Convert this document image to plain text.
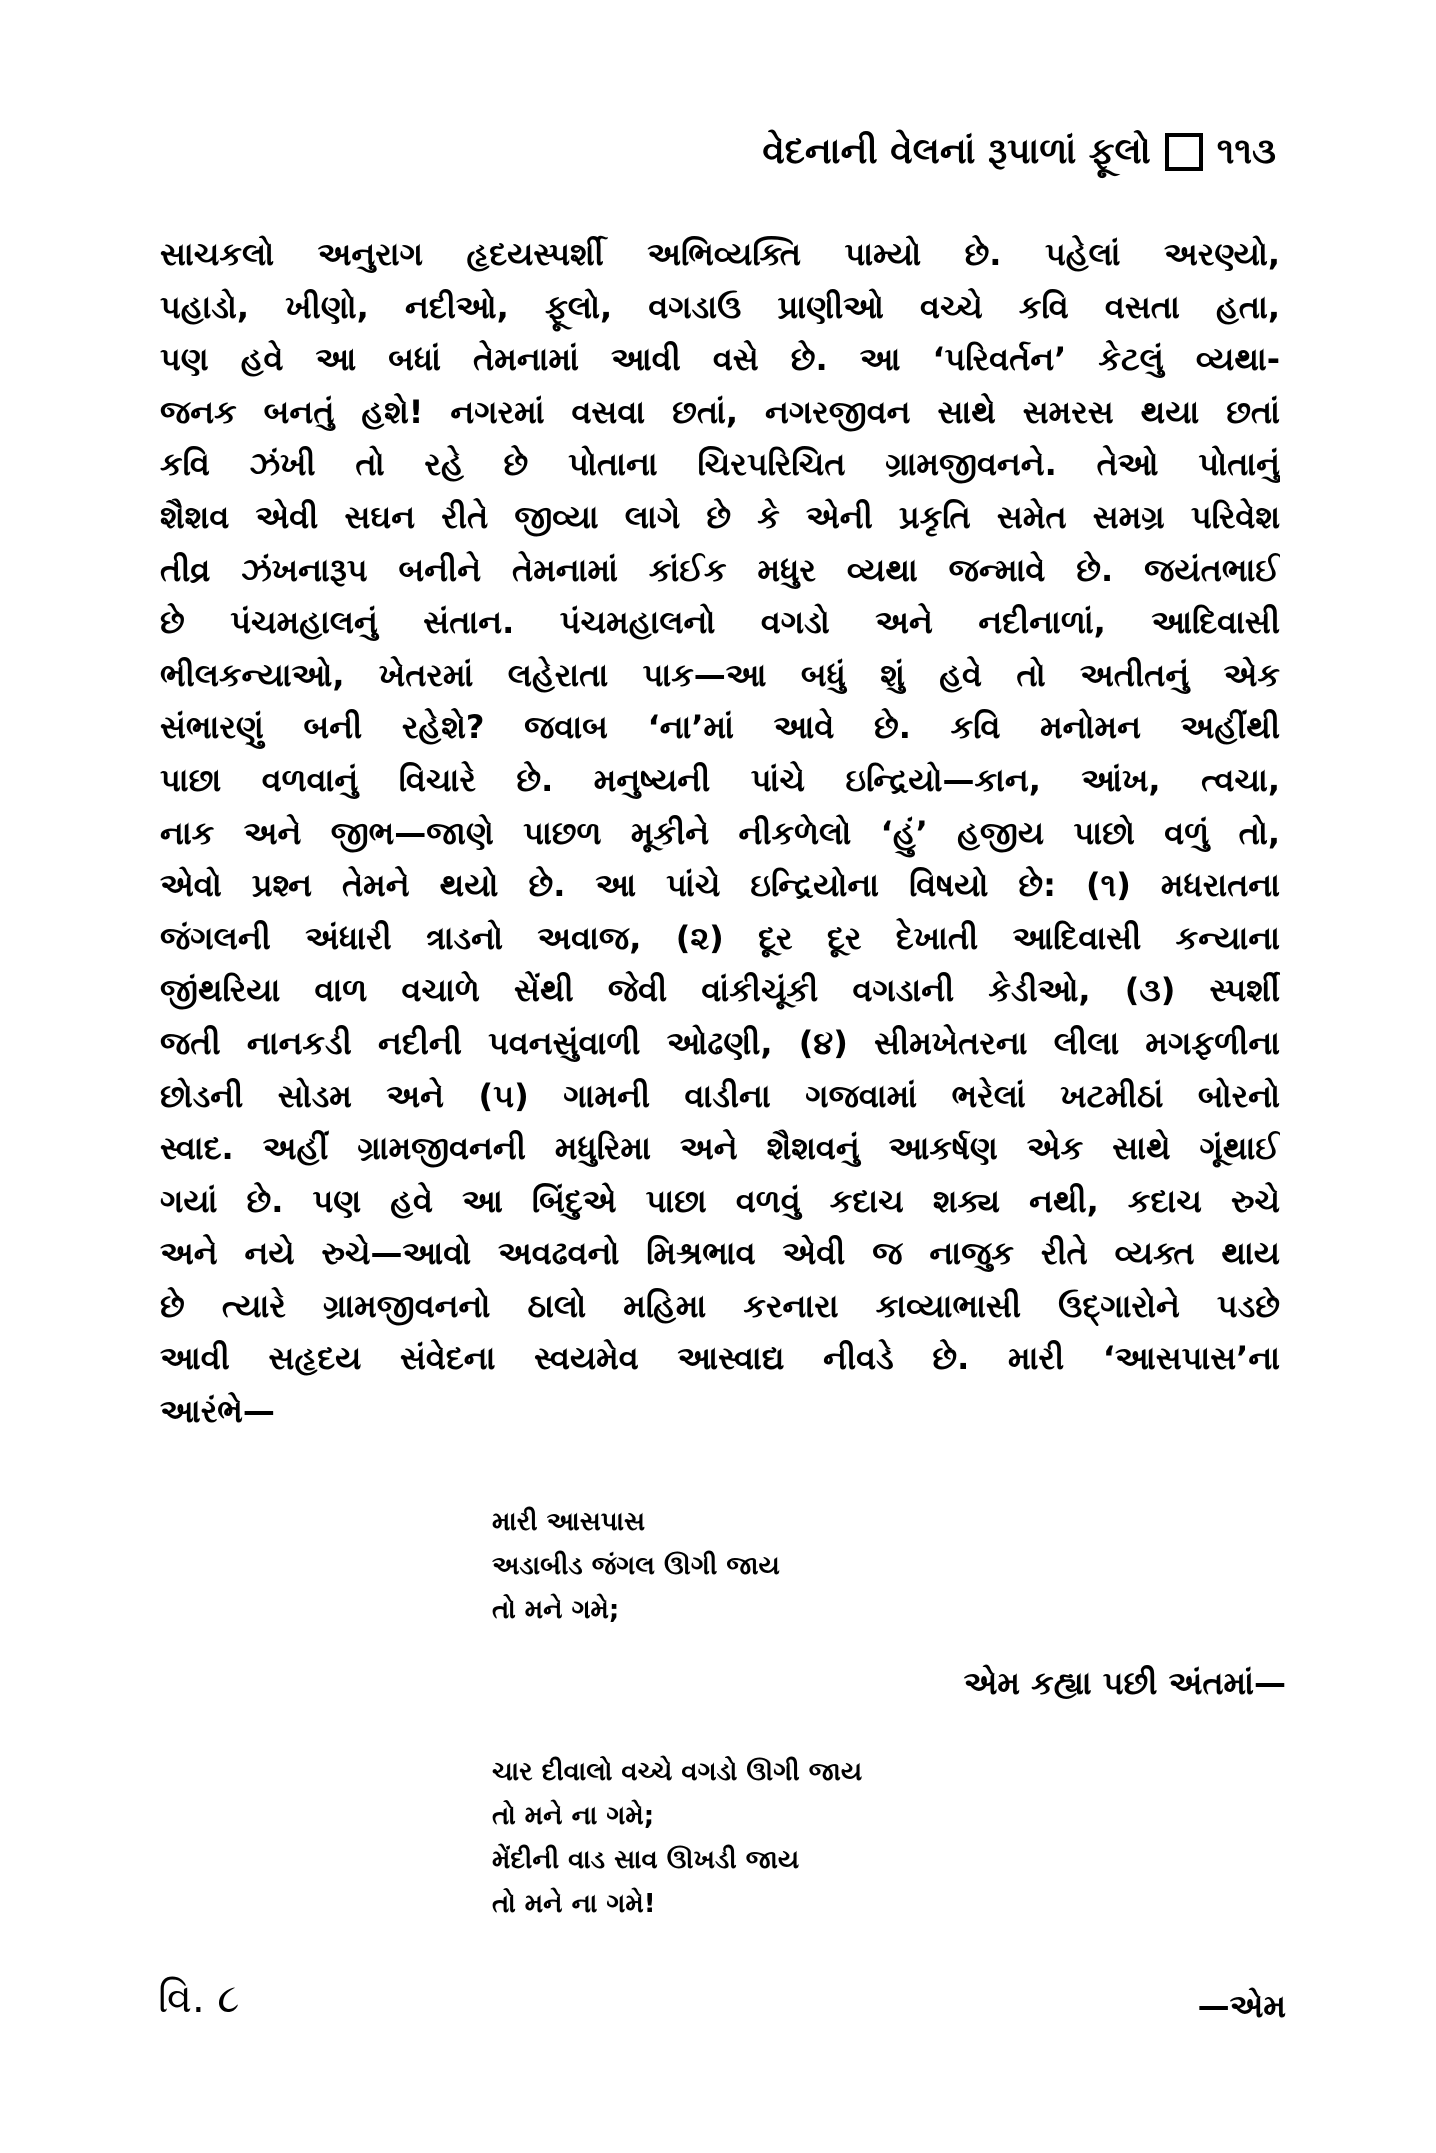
વેદનાની વેલનાં રૂપાળાં ફૂલો ૧૧૩
સાચકલો અનુરાગ હૃદયસ્પર્શી અભિવ્યક્તિ પામ્યો છે. પહેલાં અરણ્યો,
પહાડો, ખીણો, નદીઓ, ફૂલો, વગડાઉ પ્રાણીઓ વચ્ચે કવિ વસતા હતા,
પણ હવે આ બધાં તેમનામાં આવી વસે છે. આ ‘પરિવર્તન’ કેટલું વ્યથા-
જનક બનતું હશે! નગરમાં વસવા છતાં, નગરજીવન સાથે સમરસ થયા છતાં
કવિ ઝંખી તો રહે છે પોતાના ચિરપરિચિત ગ્રામજીવનને. તેઓ પોતાનું
શૈશવ એવી સઘન રીતે જીવ્યા લાગે છે કે એની પ્રકૃતિ સમેત સમગ્ર પરિવેશ
તીવ્ર ઝંખનારૂપ બનીને તેમનામાં કાંઈક મધુર વ્યથા જન્માવે છે. જયંતભાઈ
છે પંચમહાલનું સંતાન. પંચમહાલનો વગડો અને નદીનાળાં, આદિવાસી
ભીલકન્યાઓ, ખેતરમાં લહેરાતા પાક—આ બધું શું હવે તો અતીતનું એક
સંભારણું બની રહેશે? જવાબ ‘ના’માં આવે છે. કવિ મનોમન અહીંથી
પાછા વળવાનું વિચારે છે. મનુષ્યની પાંચે ઇન્દ્રિયો—કાન, આંખ, ત્વચા,
નાક અને જીભ—જાણે પાછળ મૂકીને નીકળેલો ‘હું’ હજીય પાછો વળું તો,
એવો પ્રશ્ન તેમને થયો છે. આ પાંચે ઇન્દ્રિયોના વિષયો છે: (૧) મધરાતના
જંગલની અંધારી ત્રાડનો અવાજ, (૨) દૂર દૂર દેખાતી આદિવાસી કન્યાના
જીંથરિયા વાળ વચાળે સેંથી જેવી વાંકીચૂંકી વગડાની કેડીઓ, (૩) સ્પર્શી
જતી નાનકડી નદીની પવનસુંવાળી ઓઢણી, (૪) સીમખેતરના લીલા મગફળીના
છોડની સોડમ અને (૫) ગામની વાડીના ગજવામાં ભરેલાં ખટમીઠાં બોરનો
સ્વાદ. અહીં ગ્રામજીવનની મધુરિમા અને શૈશવનું આકર્ષણ એક સાથે ગૂંથાઈ
ગયાં છે. પણ હવે આ બિંદુએ પાછા વળવું કદાચ શક્ય નથી, કદાચ રુચે
અને નયે રુચે—આવો અવઢવનો મિશ્રભાવ એવી જ નાજુક રીતે વ્યક્ત થાય
છે ત્યારે ગ્રામજીવનનો ઠાલો મહિમા કરનારા કાવ્યાભાસી ઉદ્ગારોને પડછે
આવી સહૃદય સંવેદના સ્વયમેવ આસ્વાદ્ય નીવડે છે. મારી ‘આસપાસ’ના
આરંભે—
મારી આસપાસ
અડાબીડ જંગલ ઊગી જાય
તો મને ગમે;
એમ કહ્યા પછી અંતમાં—
ચાર દીવાલો વચ્ચે વગડો ઊગી જાય
તો મને ના ગમે;
મેંદીની વાડ સાવ ઊખડી જાય
તો મને ના ગમે!
—એમ
વિ. ૮
